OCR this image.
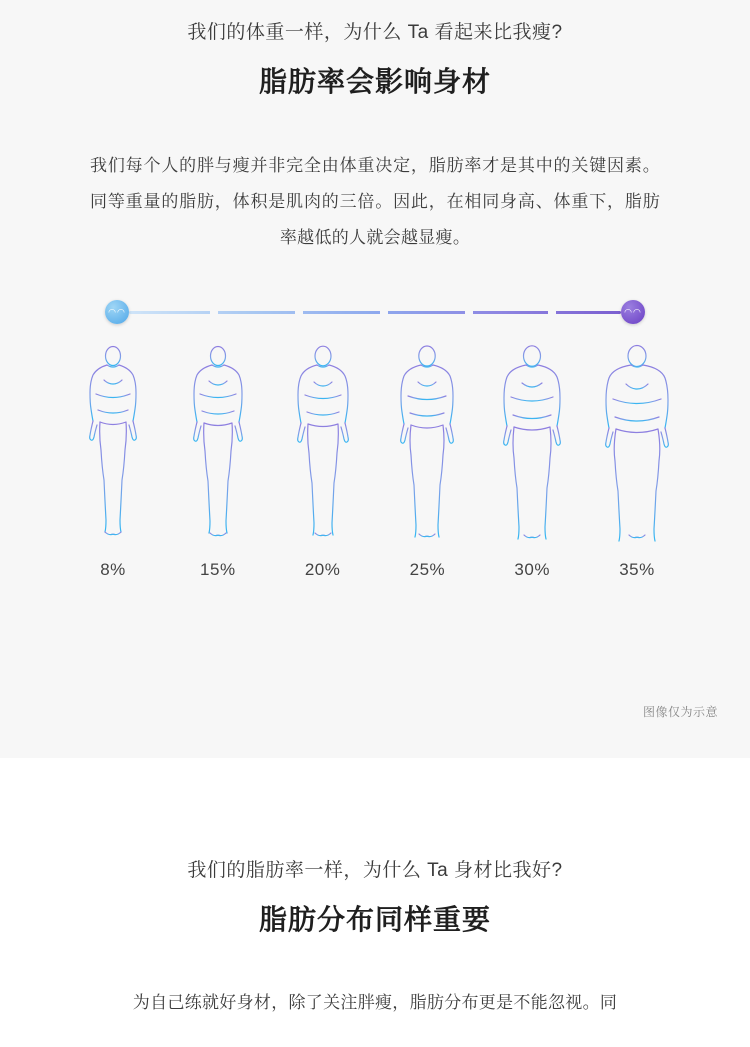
我们的体重一样，为什么 Ta 看起来比我瘦?
脂肪率会影响身材
我们每个人的胖与瘦并非完全由体重决定，脂肪率才是其中的关键因素。同等重量的脂肪，体积是肌肉的三倍。因此，在相同身高、体重下，脂肪率越低的人就会越显瘦。
◠◠	◠◠
8%	15%	20%	25%	30%	35%
图像仅为示意
我们的脂肪率一样，为什么 Ta 身材比我好?
脂肪分布同样重要
为自己练就好身材，除了关注胖瘦，脂肪分布更是不能忽视。同
